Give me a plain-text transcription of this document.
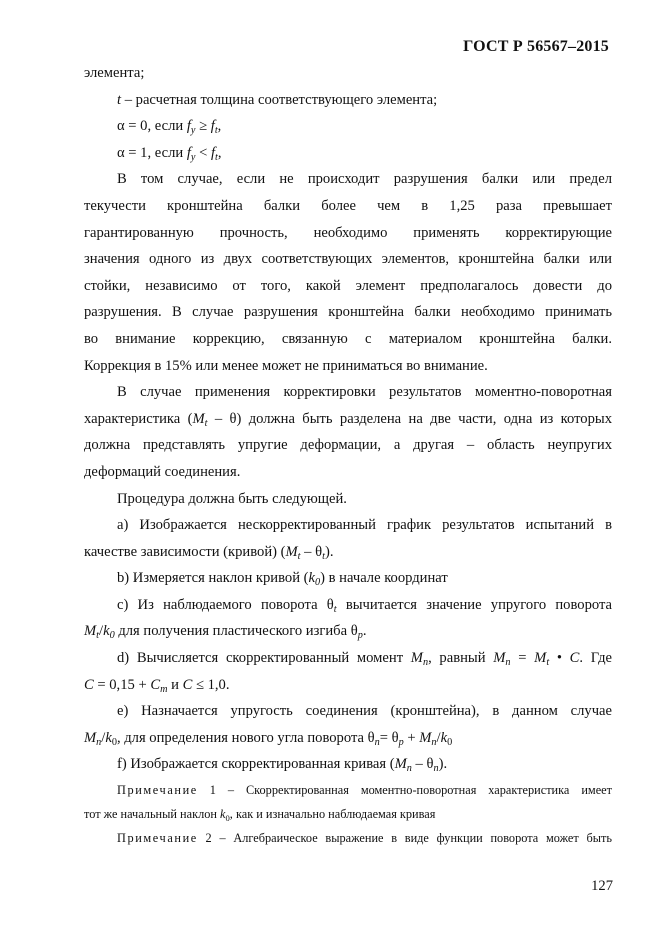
ГОСТ Р 56567–2015
элемента;
t – расчетная толщина соответствующего элемента;
α = 0, если $f_y \ge f_t$,
α = 1, если $f_y < f_t$,
В том случае, если не происходит разрушения балки или предел
текучести кронштейна балки более чем в 1,25 раза превышает
гарантированную прочность, необходимо применять корректирующие
значения одного из двух соответствующих элементов, кронштейна балки или
стойки, независимо от того, какой элемент предполагалось довести до
разрушения. В случае разрушения кронштейна балки необходимо принимать
во внимание коррекцию, связанную с материалом кронштейна балки.
Коррекция в 15% или менее может не приниматься во внимание.
В случае применения корректировки результатов моментно-поворотная
характеристика $(M_t - \theta)$ должна быть разделена на две части, одна из которых
должна представлять упругие деформации, а другая – область неупругих
деформаций соединения.
Процедура должна быть следующей.
а) Изображается нескорректированный график результатов испытаний в
качестве зависимости (кривой) $(M_t - \theta_t)$.
b) Измеряется наклон кривой $(k_0)$ в начале координат
c) Из наблюдаемого поворота $\theta_t$ вычитается значение упругого поворота
$M_t/k_0$ для получения пластического изгиба $\theta_p$.
d) Вычисляется скорректированный момент $M_n$, равный $M_n = M_t$ • C. Где
$C = 0,15 + C_m$ и C ≤ 1,0.
е) Назначается упругость соединения (кронштейна), в данном случае
$M_n/k_0$, для определения нового угла поворота $\theta_n= \theta_p + M_n/k_0$
f) Изображается скорректированная кривая $(M_n - \theta_n)$.
Примечание 1 – Скорректированная моментно-поворотная характеристика имеет
тот же начальный наклон $k_0$, как и изначально наблюдаемая кривая
Примечание 2 – Алгебраическое выражение в виде функции поворота может быть
127
